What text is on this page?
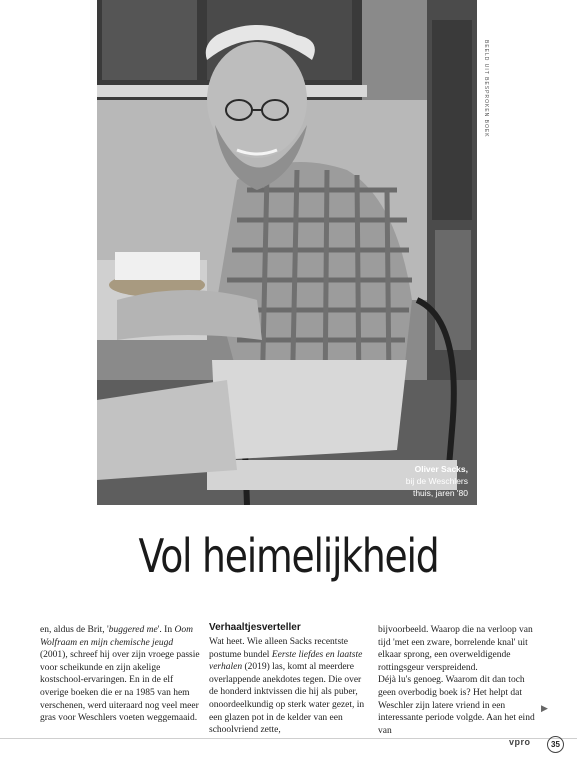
BEELD UIT BESPROKEN BOEK
Oliver Sacks,
bij de Weschlers
thuis, jaren '80
Vol heimelijkheid

en, aldus de Brit, 'buggered me'. In Oom Wolfraam en mijn chemische jeugd (2001), schreef hij over zijn vroege passie voor scheikunde en zijn akelige kostschool-ervaringen. En in de elf overige boeken die er na 1985 van hem verschenen, werd uiteraard nog veel meer gras voor Weschlers voeten weggemaaid.

Verhaaltjesverteller

Wat heet. Wie alleen Sacks recentste postume bundel Eerste liefdes en laatste verhalen (2019) las, komt al meerdere overlappende anekdotes tegen. Die over de honderd inktvissen die hij als puber, onoordeelkundig op sterk water gezet, in een glazen pot in de kelder van een schoolvriend zette,

bijvoorbeeld. Waarop die na verloop van tijd 'met een zware, borrelende knal' uit elkaar sprong, een overweldigende rottingsgeur verspreidend.

Déjà lu's genoeg. Waarom dit dan toch geen overbodig boek is? Het helpt dat Weschler zijn latere vriend in een interessante periode volgde. Aan het eind van

▶
vpro	35
